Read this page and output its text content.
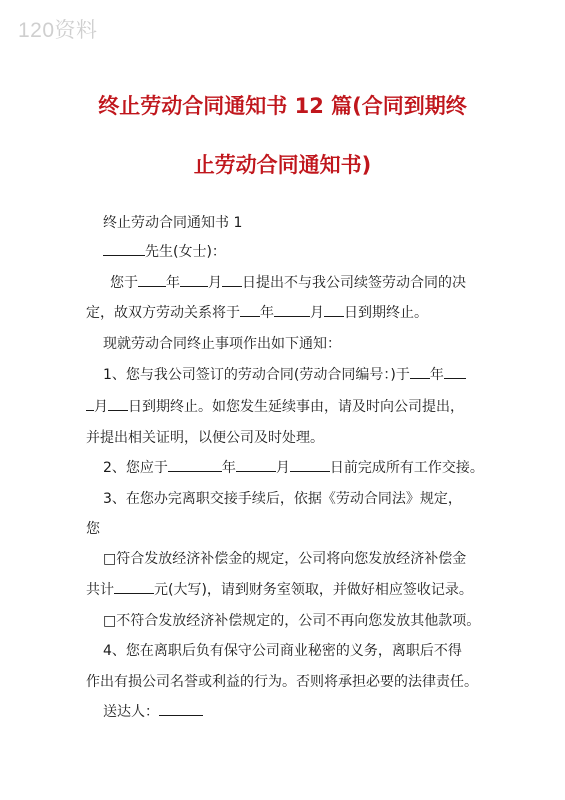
120资料
终止劳动合同通知书 12 篇(合同到期终
止劳动合同通知书)

终止劳动合同通知书 1

先生(女士)：

您于 年 月 日提出不与我公司续签劳动合同的决

定，故双方劳动关系将于 年	月 日到期终止。

现就劳动合同终止事项作出如下通知：

1、您与我公司签订的劳动合同(劳动合同编号：)于 年

月 日到期终止。如您发生延续事由，请及时向公司提出，

并提出相关证明，以便公司及时处理。

2、您应于	年	月	日前完成所有工作交接。

3、在您办完离职交接手续后，依据《劳动合同法》规定，

您

□符合发放经济补偿金的规定，公司将向您发放经济补偿金

共计	元(大写)，请到财务室领取，并做好相应签收记录。

□不符合发放经济补偿规定的，公司不再向您发放其他款项。

4、您在离职后负有保守公司商业秘密的义务，离职后不得

作出有损公司名誉或利益的行为。否则将承担必要的法律责任。

送达人：
